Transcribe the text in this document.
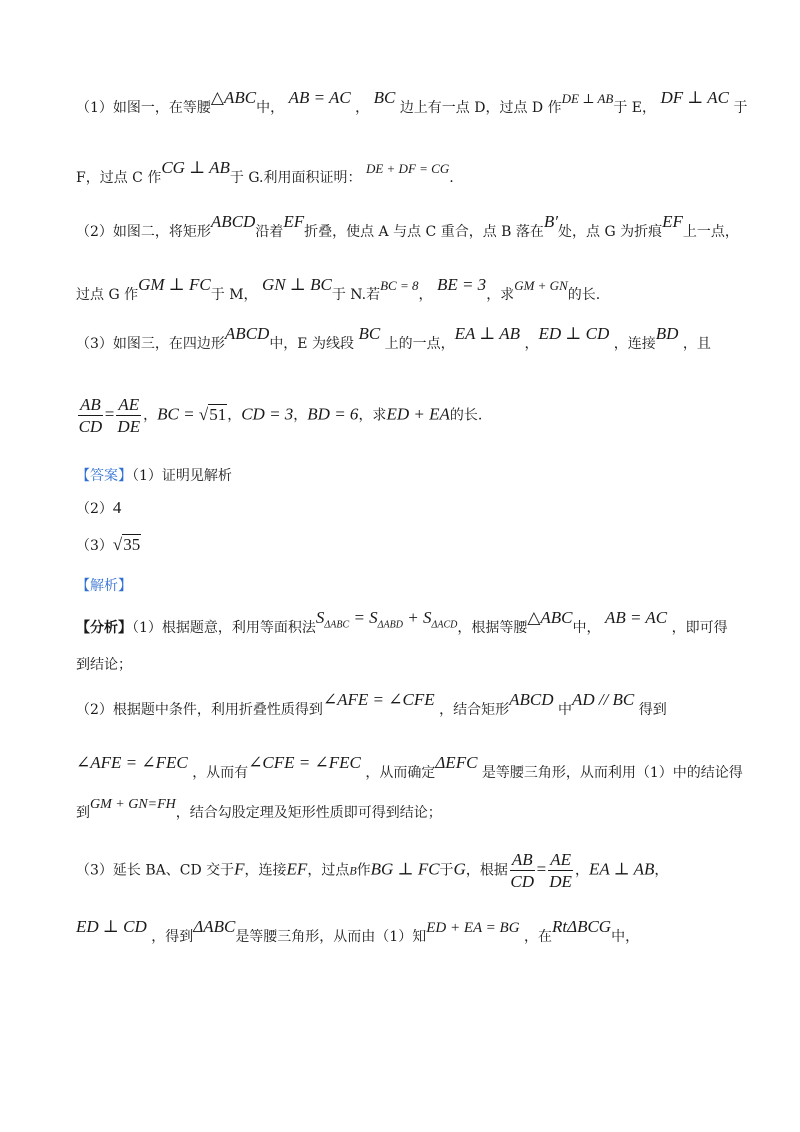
（1）如图一，在等腰△ABC中， AB = AC ， BC 边上有一点 D，过点 D 作DE ⊥ AB于 E， DF ⊥ AC 于
F，过点 C 作CG ⊥ AB于 G.利用面积证明： DE + DF = CG.
（2）如图二，将矩形ABCD沿着EF折叠，使点 A 与点 C 重合，点 B 落在B′处，点 G 为折痕EF上一点，
过点 G 作GM ⊥ FC于 M， GN ⊥ BC于 N.若BC = 8， BE = 3，求GM + GN的长.
（3）如图三，在四边形ABCD中，E 为线段 BC 上的一点，EA ⊥ AB ，ED ⊥ CD ，连接BD ，且
$\frac{AB}{CD} = \frac{AE}{DE}$ ，BC = √51，CD = 3，BD = 6，求ED + EA的长.
【答案】（1）证明见解析
（2）4
（3）√35
【解析】
【分析】（1）根据题意，利用等面积法$S_{\Delta ABC} = S_{\Delta ABD} + S_{\Delta ACD}$，根据等腰△ABC中， AB = AC ，即可得
到结论；
（2）根据题中条件，利用折叠性质得到∠AFE = ∠CFE ，结合矩形ABCD 中AD // BC 得到
∠AFE = ∠FEC ，从而有∠CFE = ∠FEC ，从而确定ΔEFC 是等腰三角形，从而利用（1）中的结论得
到GM + GN=FH，结合勾股定理及矩形性质即可得到结论；
（3）延长 BA、CD 交于F，连接EF，过点B作BG ⊥ FC于G，根据 $\frac{AB}{CD} = \frac{AE}{DE}$ ，EA ⊥ AB，
ED ⊥ CD ，得到ΔABC是等腰三角形，从而由（1）知ED + EA = BG ，在RtΔBCG中，
